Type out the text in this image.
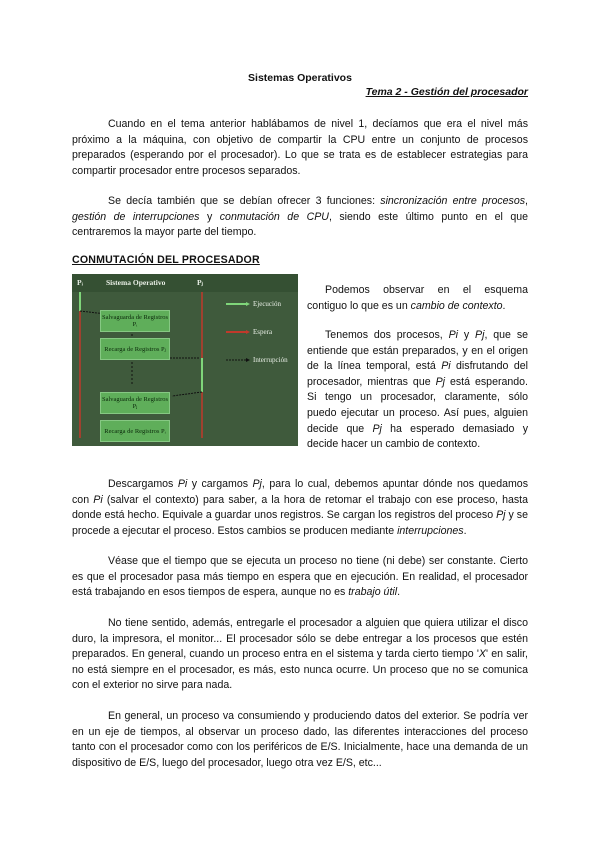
Sistemas Operativos
Tema 2 - Gestión del procesador

Cuando en el tema anterior hablábamos de nivel 1, decíamos que era el nivel más próximo a la máquina, con objetivo de compartir la CPU entre un conjunto de procesos preparados (esperando por el procesador). Lo que se trata es de establecer estrategias para compartir procesador entre procesos separados.

Se decía también que se debían ofrecer 3 funciones: sincronización entre procesos, gestión de interrupciones y conmutación de CPU, siendo este último punto en el que centraremos la mayor parte del tiempo.

CONMUTACIÓN DEL PROCESADOR
Pᵢ	Sistema Operativo	Pⱼ
Salvaguarda de Registros Pᵢ
Recarga de Registros Pⱼ
Salvaguarda de Registros Pⱼ
Recarga de Registros Pᵢ
Ejecución
Espera
Interrupción

Podemos observar en el esquema contiguo lo que es un cambio de contexto.

Tenemos dos procesos, Pi y Pj, que se entiende que están preparados, y en el origen de la línea temporal, está Pi disfrutando del procesador, mientras que Pj está esperando. Si tengo un procesador, claramente, sólo puedo ejecutar un proceso. Así pues, alguien decide que Pj ha esperado demasiado y decide hacer un cambio de contexto.

Descargamos Pi y cargamos Pj, para lo cual, debemos apuntar dónde nos quedamos con Pi (salvar el contexto) para saber, a la hora de retomar el trabajo con ese proceso, hasta donde está hecho. Equivale a guardar unos registros. Se cargan los registros del proceso Pj y se procede a ejecutar el proceso. Estos cambios se producen mediante interrupciones.

Véase que el tiempo que se ejecuta un proceso no tiene (ni debe) ser constante. Cierto es que el procesador pasa más tiempo en espera que en ejecución. En realidad, el procesador está trabajando en esos tiempos de espera, aunque no es trabajo útil.

No tiene sentido, además, entregarle el procesador a alguien que quiera utilizar el disco duro, la impresora, el monitor... El procesador sólo se debe entregar a los procesos que estén preparados. En general, cuando un proceso entra en el sistema y tarda cierto tiempo 'X' en salir, no está siempre en el procesador, es más, esto nunca ocurre. Un proceso que no se comunica con el exterior no sirve para nada.

En general, un proceso va consumiendo y produciendo datos del exterior. Se podría ver en un eje de tiempos, al observar un proceso dado, las diferentes interacciones del proceso tanto con el procesador como con los periféricos de E/S. Inicialmente, hace una demanda de un dispositivo de E/S, luego del procesador, luego otra vez E/S, etc...
